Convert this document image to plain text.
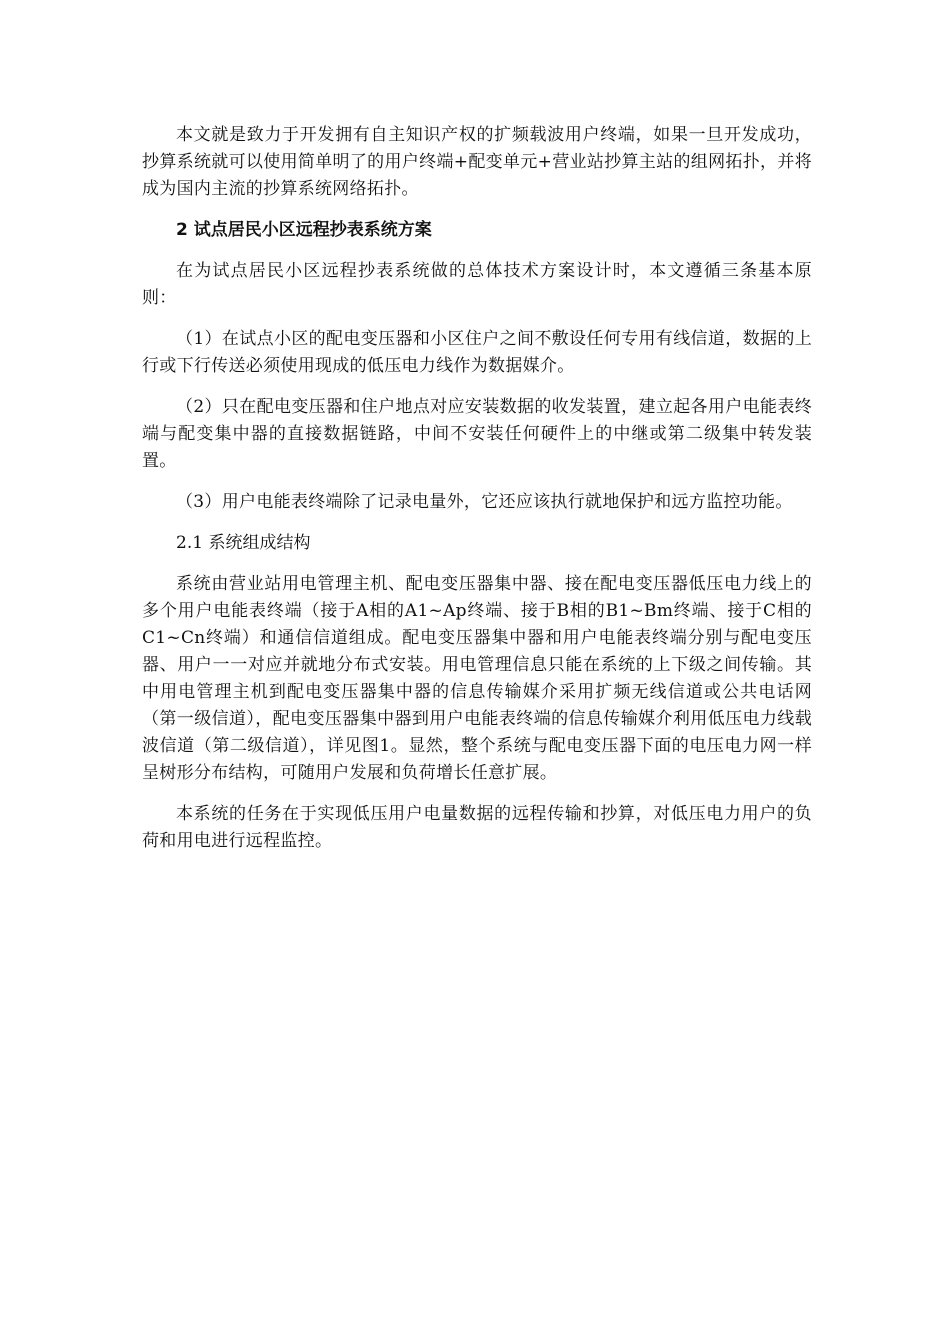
本文就是致力于开发拥有自主知识产权的扩频载波用户终端，如果一旦开发成功，抄算系统就可以使用简单明了的用户终端+配变单元+营业站抄算主站的组网拓扑，并将成为国内主流的抄算系统网络拓扑。

2 试点居民小区远程抄表系统方案

在为试点居民小区远程抄表系统做的总体技术方案设计时，本文遵循三条基本原则：

（1）在试点小区的配电变压器和小区住户之间不敷设任何专用有线信道，数据的上行或下行传送必须使用现成的低压电力线作为数据媒介。

（2）只在配电变压器和住户地点对应安装数据的收发装置，建立起各用户电能表终端与配变集中器的直接数据链路，中间不安装任何硬件上的中继或第二级集中转发装置。

（3）用户电能表终端除了记录电量外，它还应该执行就地保护和远方监控功能。

2.1 系统组成结构

系统由营业站用电管理主机、配电变压器集中器、接在配电变压器低压电力线上的多个用户电能表终端（接于A相的A1~Ap终端、接于B相的B1~Bm终端、接于C相的C1~Cn终端）和通信信道组成。配电变压器集中器和用户电能表终端分别与配电变压器、用户一一对应并就地分布式安装。用电管理信息只能在系统的上下级之间传输。其中用电管理主机到配电变压器集中器的信息传输媒介采用扩频无线信道或公共电话网（第一级信道），配电变压器集中器到用户电能表终端的信息传输媒介利用低压电力线载波信道（第二级信道），详见图1。显然，整个系统与配电变压器下面的电压电力网一样呈树形分布结构，可随用户发展和负荷增长任意扩展。

本系统的任务在于实现低压用户电量数据的远程传输和抄算，对低压电力用户的负荷和用电进行远程监控。
